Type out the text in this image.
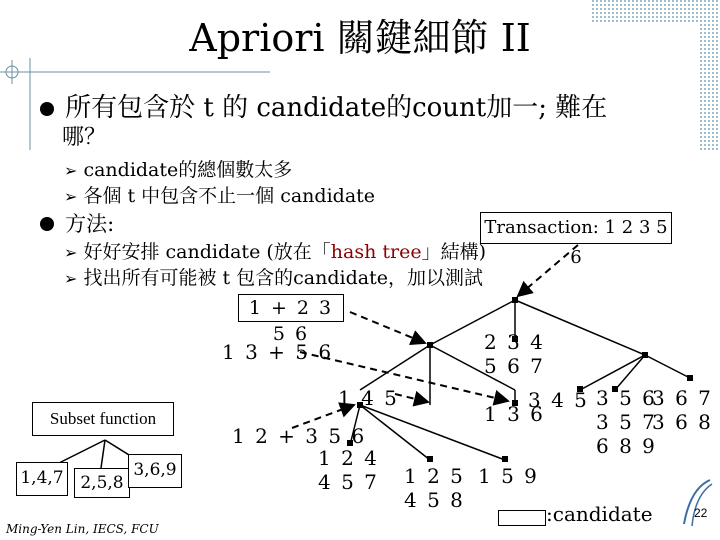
Apriori 關鍵細節 II
所有包含於 t 的 candidate的count加一; 難在
哪？
➢ candidate的總個數太多
➢ 各個 t 中包含不止一個 candidate
方法:	Transaction: 1 2 3 5 6
➢ 好好安排 candidate (放在「hash tree」結構)
➢ 找出所有可能被 t 包含的candidate，加以測試
1 + 2 3 5 6
1 3 + 5 6
1 2 + 3 5 6
Subset function
1,4,7 2,5,8
3,6,9
1 4 5
2 3 4
5 6 7
1 3 6
3 4 5 3 5 6
3 5 7
6 8 9
3 6 7
3 6 8
1 2 4
4 5 7 1 2 5
4 5 8
1 5 9
:candidate
Ming-Yen Lin, IECS, FCU
22
